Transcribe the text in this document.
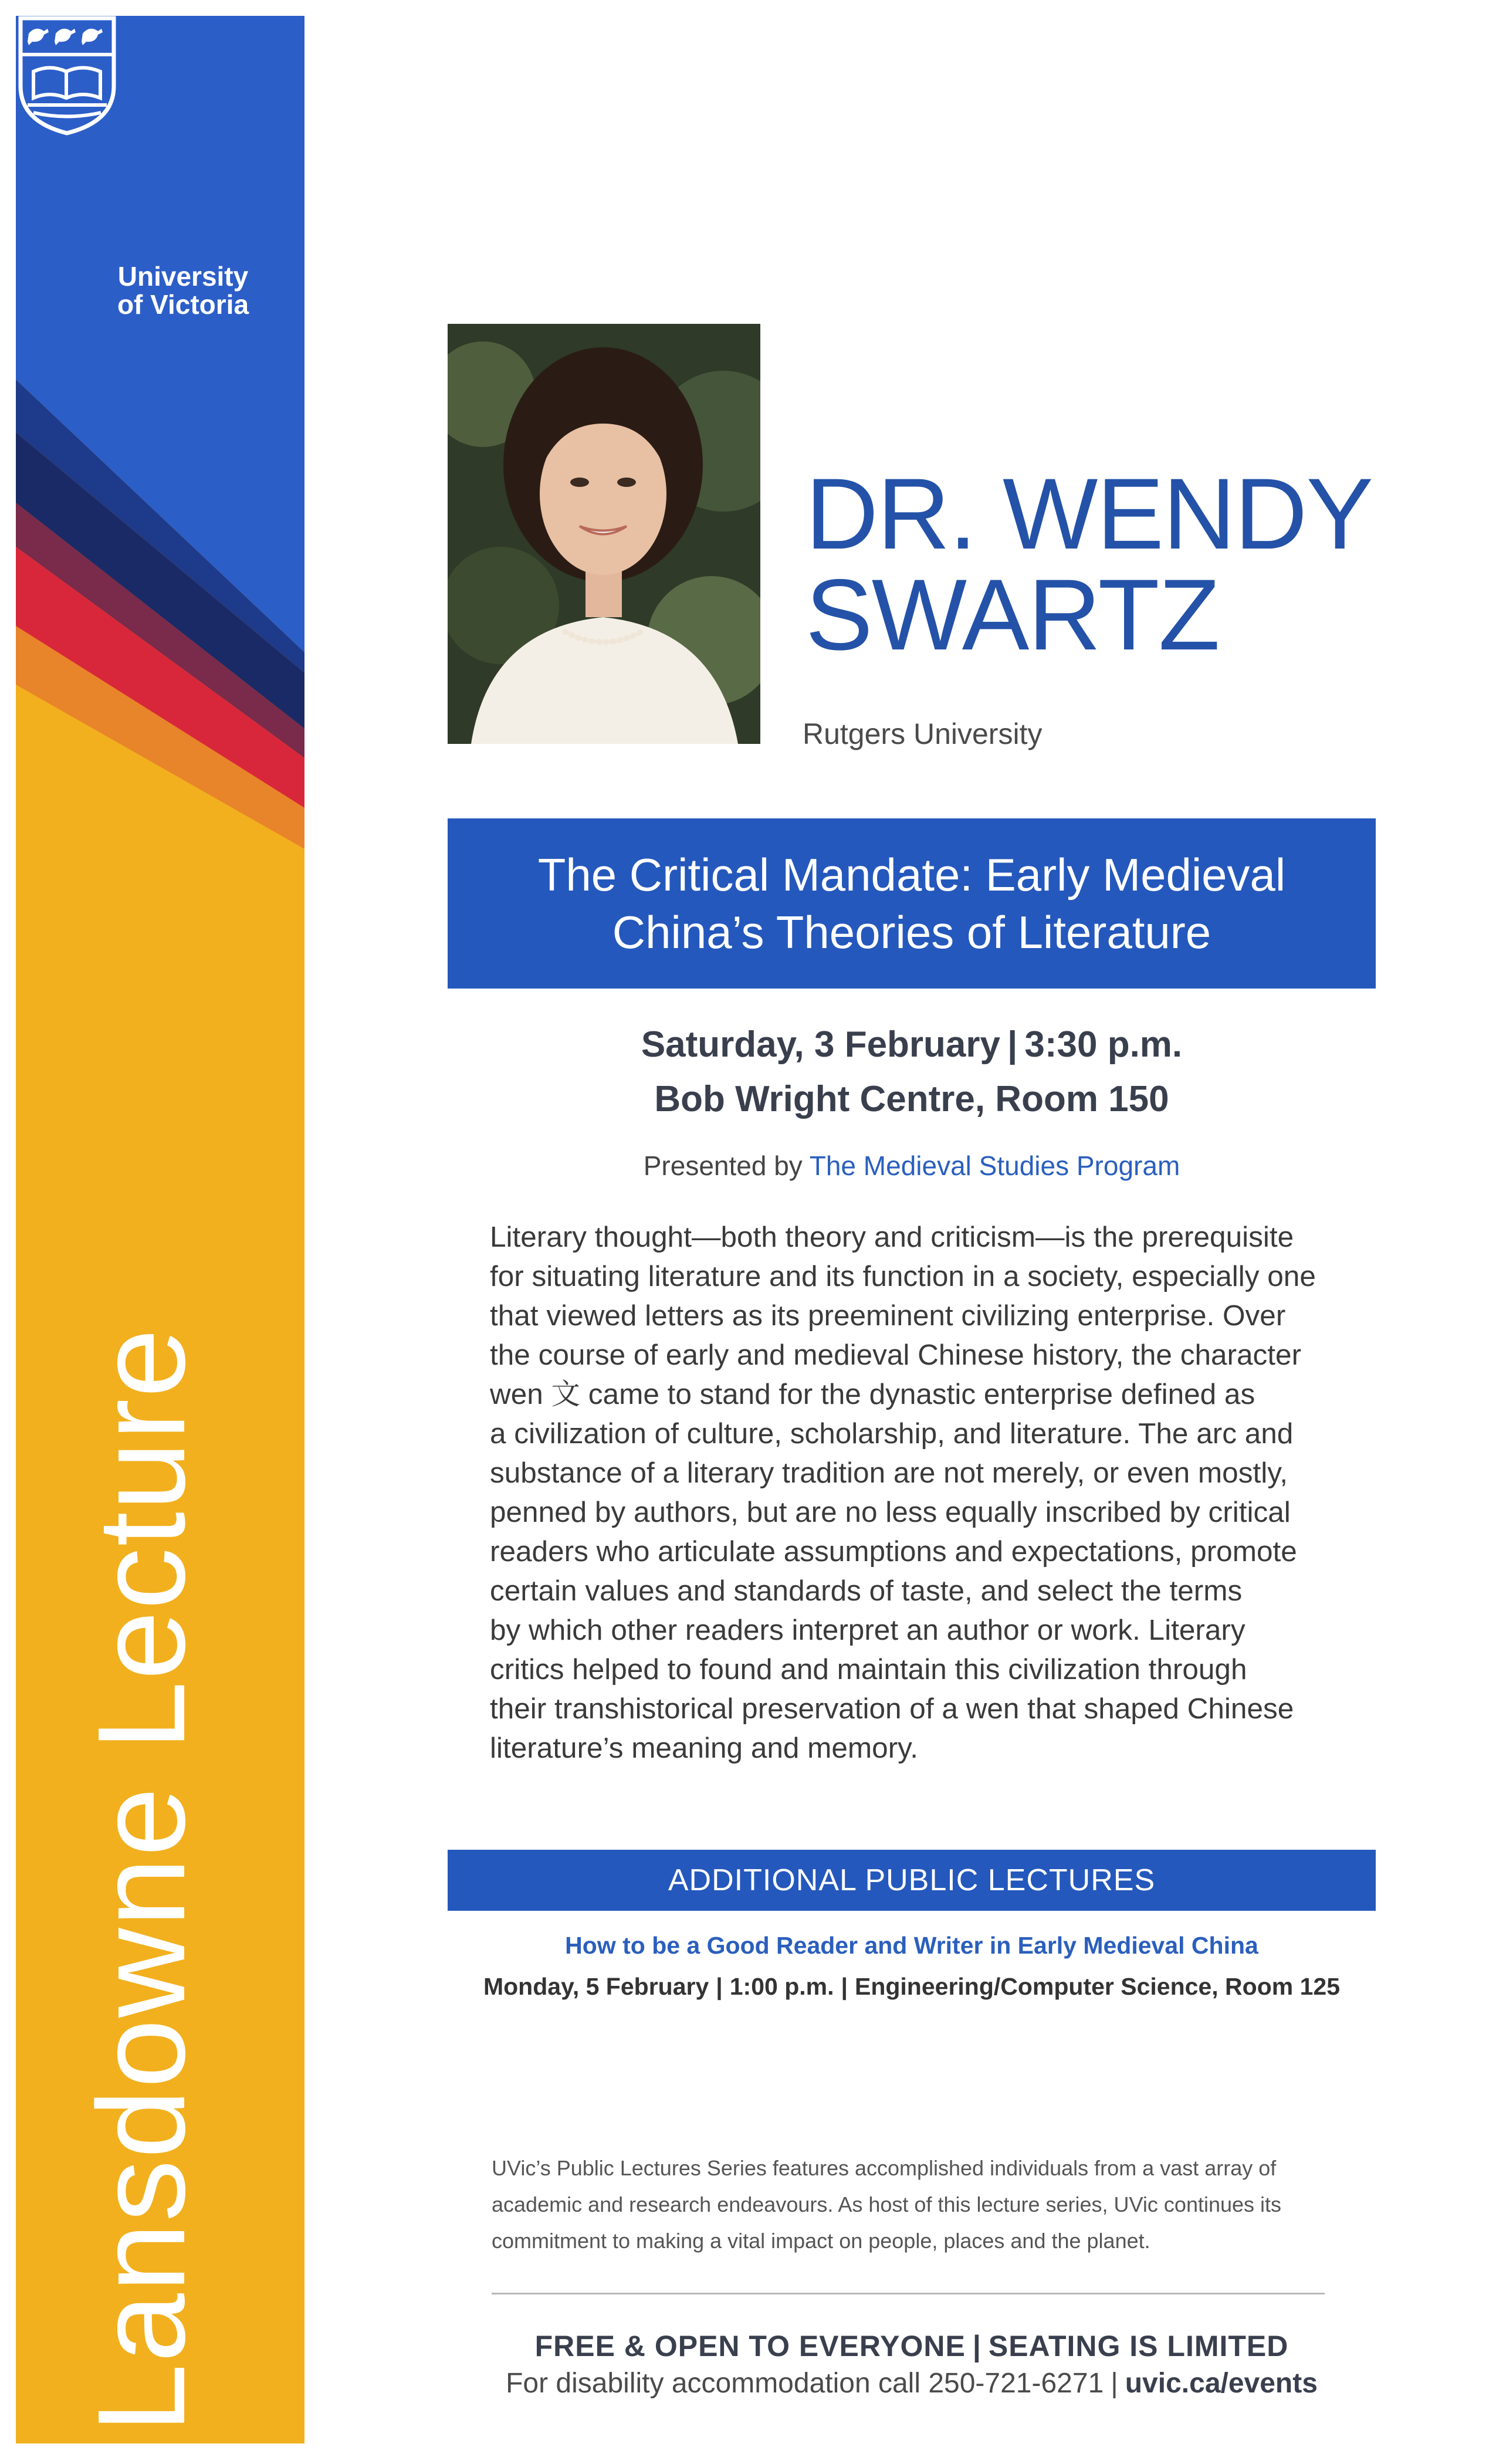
University
of Victoria
Lansdowne Lecture
DR. WENDY
SWARTZ
Rutgers University
The Critical Mandate: Early Medieval
China’s Theories of Literature
Saturday, 3 February | 3:30 p.m.
Bob Wright Centre, Room 150
Presented by The Medieval Studies Program

Literary thought—both theory and criticism—is the prerequisite

for situating literature and its function in a society, especially one

that viewed letters as its preeminent civilizing enterprise. Over

the course of early and medieval Chinese history, the character

wen 文 came to stand for the dynastic enterprise defined as

a civilization of culture, scholarship, and literature. The arc and

substance of a literary tradition are not merely, or even mostly,

penned by authors, but are no less equally inscribed by critical

readers who articulate assumptions and expectations, promote

certain values and standards of taste, and select the terms

by which other readers interpret an author or work. Literary

critics helped to found and maintain this civilization through

their transhistorical preservation of a wen that shaped Chinese

literature’s meaning and memory.

ADDITIONAL PUBLIC LECTURES
How to be a Good Reader and Writer in Early Medieval China
Monday, 5 February | 1:00 p.m. | Engineering/Computer Science, Room 125
UVic’s Public Lectures Series features accomplished individuals from a vast array of
academic and research endeavours. As host of this lecture series, UVic continues its
commitment to making a vital impact on people, places and the planet.
FREE & OPEN TO EVERYONE | SEATING IS LIMITED
For disability accommodation call 250-721-6271 | uvic.ca/events
